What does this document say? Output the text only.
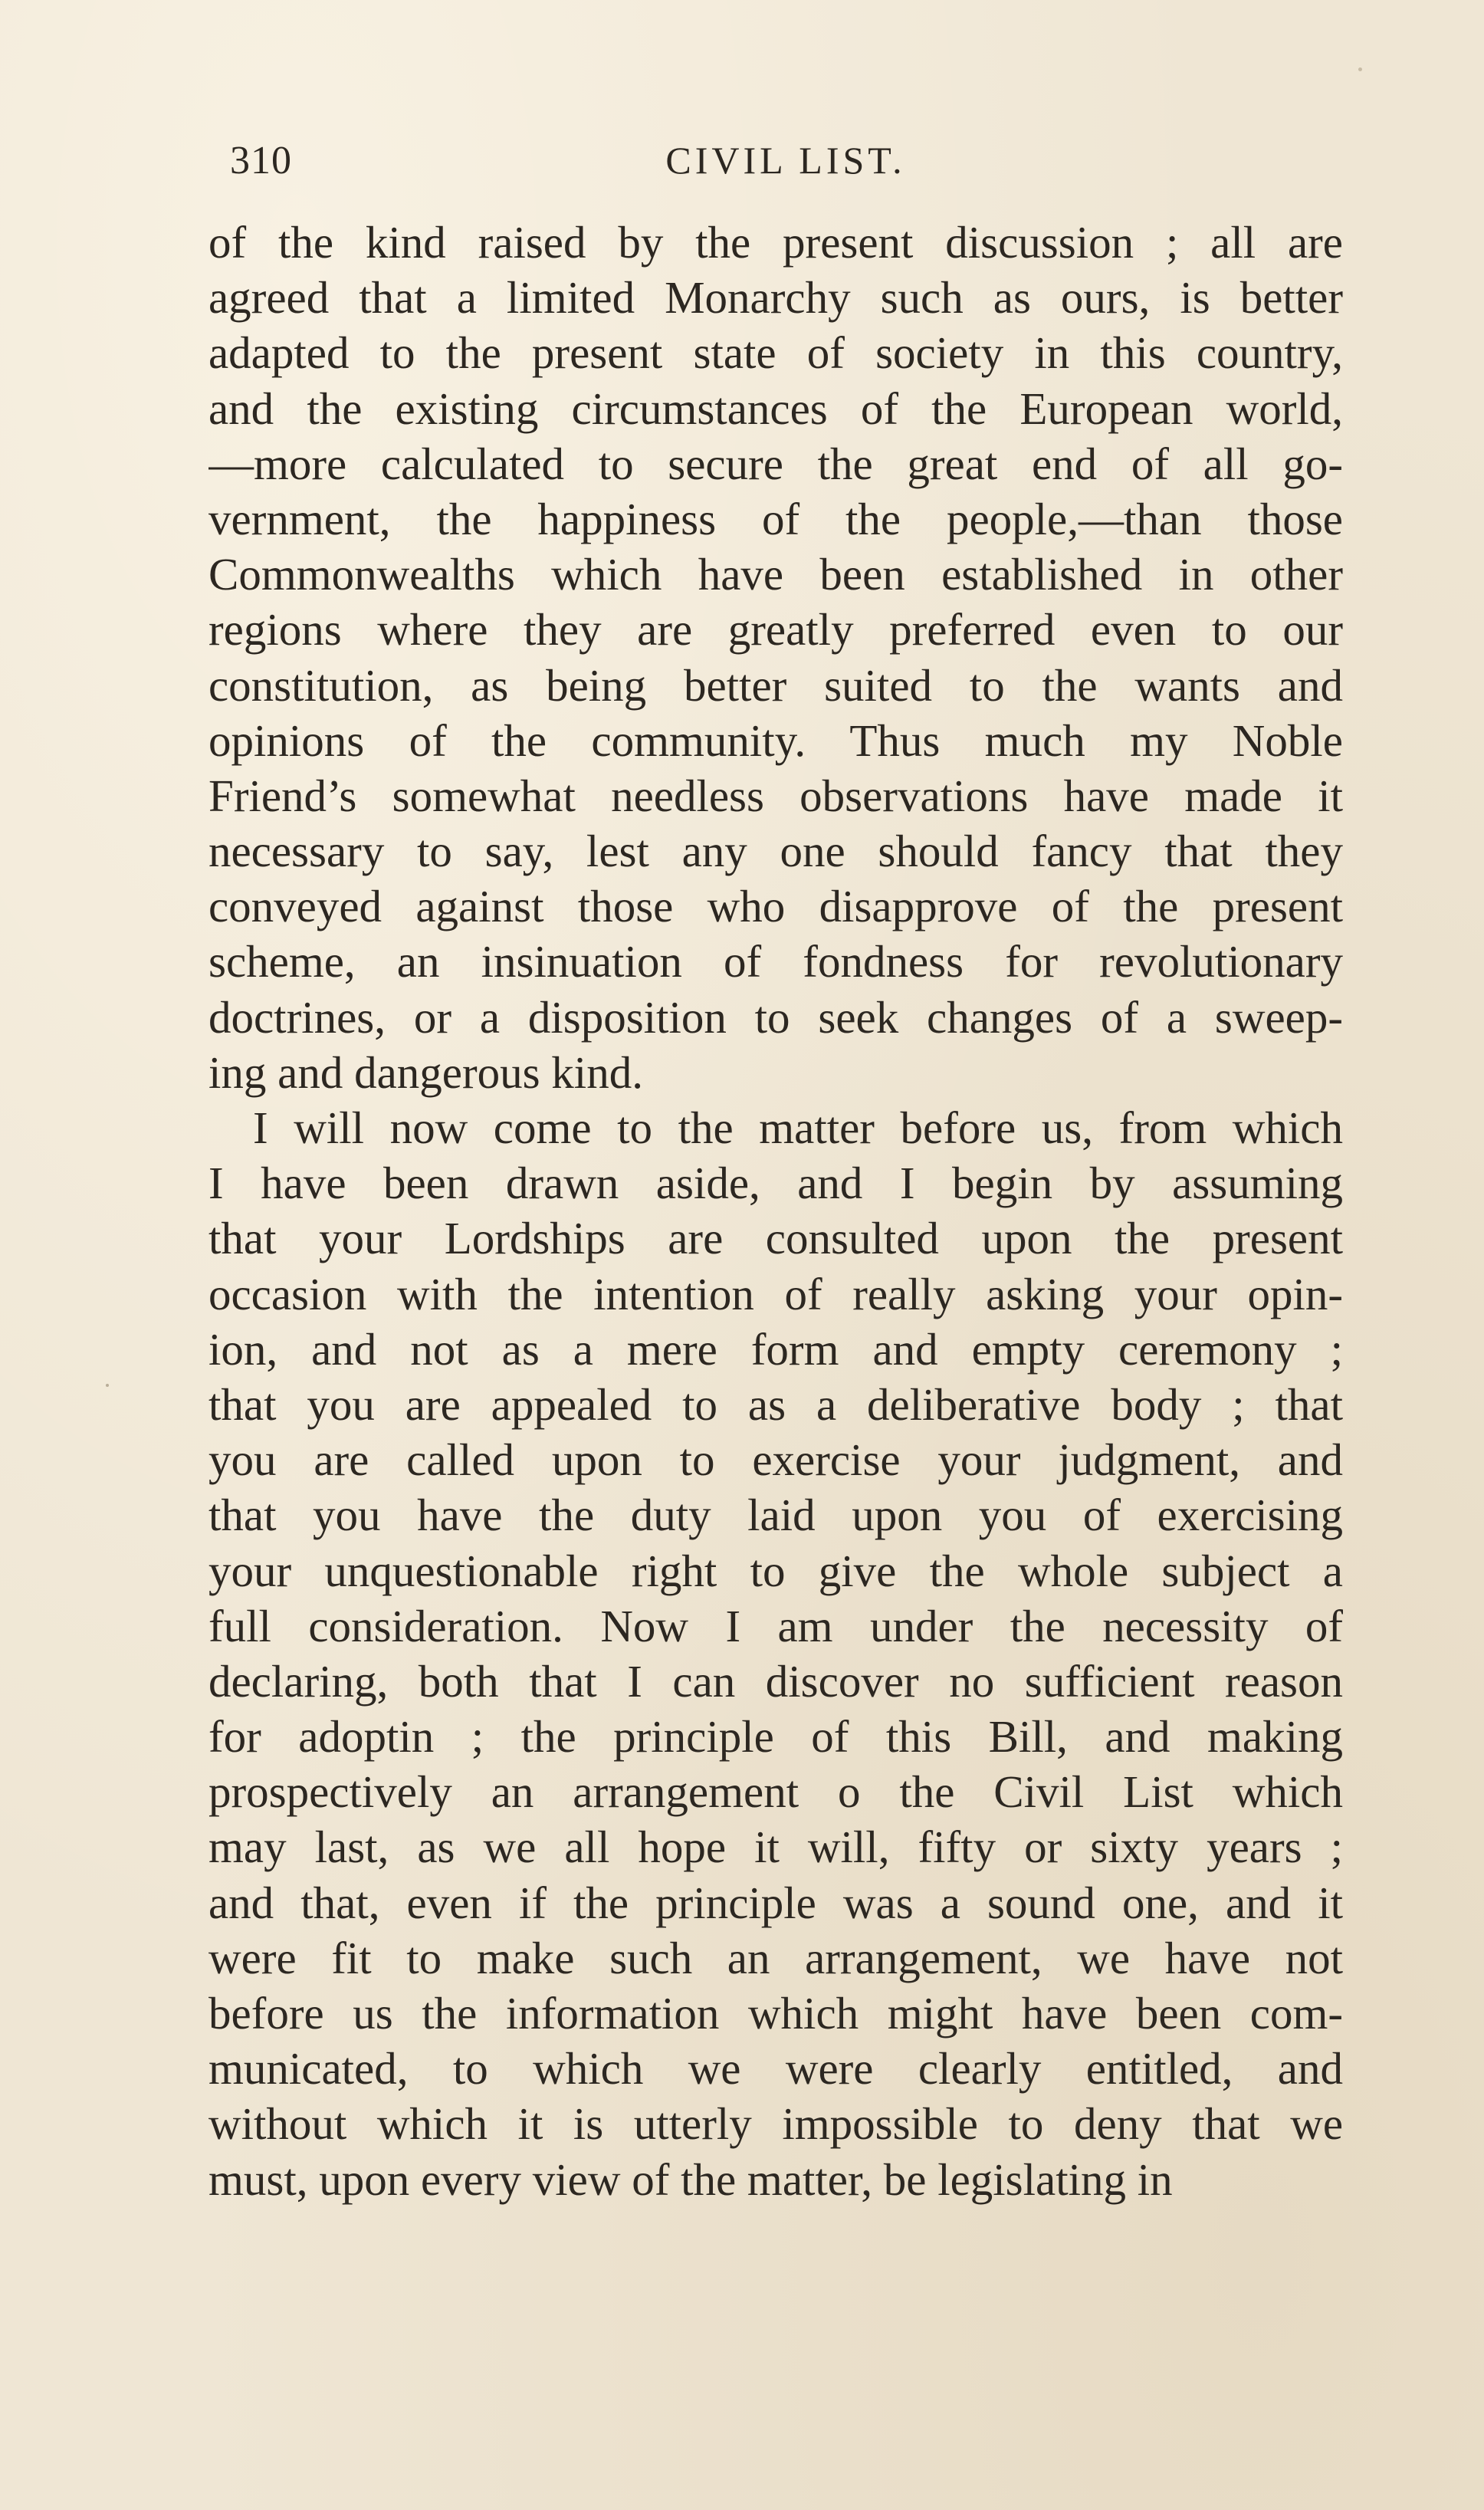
310	CIVIL LIST.
of the kind raised by the present discussion ; all are
agreed that a limited Monarchy such as ours, is better
adapted to the present state of society in this country,
and the existing circumstances of the European world,
—more calculated to secure the great end of all go-
vernment, the happiness of the people,—than those
Commonwealths which have been established in other
regions where they are greatly preferred even to our
constitution, as being better suited to the wants and
opinions of the community. Thus much my Noble
Friend’s somewhat needless observations have made it
necessary to say, lest any one should fancy that they
conveyed against those who disapprove of the present
scheme, an insinuation of fondness for revolutionary
doctrines, or a disposition to seek changes of a sweep-
ing and dangerous kind.
I will now come to the matter before us, from which
I have been drawn aside, and I begin by assuming
that your Lordships are consulted upon the present
occasion with the intention of really asking your opin-
ion, and not as a mere form and empty ceremony ;
that you are appealed to as a deliberative body ; that
you are called upon to exercise your judgment, and
that you have the duty laid upon you of exercising
your unquestionable right to give the whole subject a
full consideration. Now I am under the necessity of
declaring, both that I can discover no sufficient reason
for adoptin ; the principle of this Bill, and making
prospectively an arrangement o the Civil List which
may last, as we all hope it will, fifty or sixty years ;
and that, even if the principle was a sound one, and it
were fit to make such an arrangement, we have not
before us the information which might have been com-
municated, to which we were clearly entitled, and
without which it is utterly impossible to deny that we
must, upon every view of the matter, be legislating in
